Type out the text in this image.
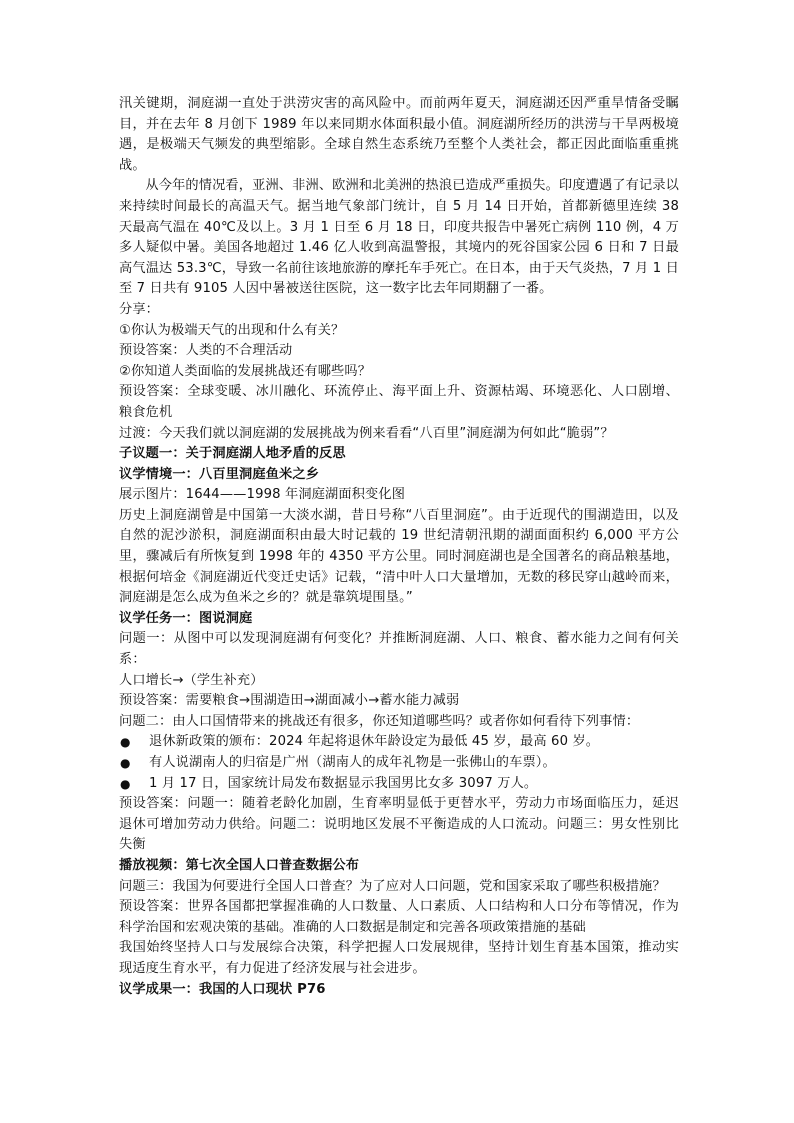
汛关键期，洞庭湖一直处于洪涝灾害的高风险中。而前两年夏天，洞庭湖还因严重旱情备受瞩目，并在去年 8 月创下 1989 年以来同期水体面积最小值。洞庭湖所经历的洪涝与干旱两极境遇，是极端天气频发的典型缩影。全球自然生态系统乃至整个人类社会，都正因此面临重重挑战。

从今年的情况看，亚洲、非洲、欧洲和北美洲的热浪已造成严重损失。印度遭遇了有记录以来持续时间最长的高温天气。据当地气象部门统计，自 5 月 14 日开始，首都新德里连续 38 天最高气温在 40℃及以上。3 月 1 日至 6 月 18 日，印度共报告中暑死亡病例 110 例，4 万多人疑似中暑。美国各地超过 1.46 亿人收到高温警报，其境内的死谷国家公园 6 日和 7 日最高气温达 53.3℃，导致一名前往该地旅游的摩托车手死亡。在日本，由于天气炎热，7 月 1 日至 7 日共有 9105 人因中暑被送往医院，这一数字比去年同期翻了一番。

分享：

①你认为极端天气的出现和什么有关？

预设答案：人类的不合理活动

②你知道人类面临的发展挑战还有哪些吗？

预设答案：全球变暖、冰川融化、环流停止、海平面上升、资源枯竭、环境恶化、人口剧增、粮食危机

过渡：今天我们就以洞庭湖的发展挑战为例来看看“八百里”洞庭湖为何如此“脆弱”？

子议题一：关于洞庭湖人地矛盾的反思

议学情境一：八百里洞庭鱼米之乡

展示图片：1644——1998 年洞庭湖面积变化图

历史上洞庭湖曾是中国第一大淡水湖，昔日号称“八百里洞庭”。由于近现代的围湖造田，以及自然的泥沙淤积，洞庭湖面积由最大时记载的 19 世纪清朝汛期的湖面面积约 6,000 平方公里，骤减后有所恢复到 1998 年的 4350 平方公里。同时洞庭湖也是全国著名的商品粮基地，根据何培金《洞庭湖近代变迁史话》记载，“清中叶人口大量增加，无数的移民穿山越岭而来，洞庭湖是怎么成为鱼米之乡的？就是靠筑堤围垦。”

议学任务一：图说洞庭

问题一：从图中可以发现洞庭湖有何变化？并推断洞庭湖、人口、粮食、蓄水能力之间有何关系：

人口增长→（学生补充）

预设答案：需要粮食→围湖造田→湖面减小→蓄水能力减弱

问题二：由人口国情带来的挑战还有很多，你还知道哪些吗？或者你如何看待下列事情：

● 退休新政策的颁布：2024 年起将退休年龄设定为最低 45 岁，最高 60 岁。

● 有人说湖南人的归宿是广州（湖南人的成年礼物是一张佛山的车票）。

● 1 月 17 日，国家统计局发布数据显示我国男比女多 3097 万人。

预设答案：问题一：随着老龄化加剧，生育率明显低于更替水平，劳动力市场面临压力，延迟退休可增加劳动力供给。问题二：说明地区发展不平衡造成的人口流动。问题三：男女性别比失衡

播放视频：第七次全国人口普查数据公布

问题三：我国为何要进行全国人口普查？为了应对人口问题，党和国家采取了哪些积极措施？

预设答案：世界各国都把掌握准确的人口数量、人口素质、人口结构和人口分布等情况，作为科学治国和宏观决策的基础。准确的人口数据是制定和完善各项政策措施的基础

我国始终坚持人口与发展综合决策，科学把握人口发展规律，坚持计划生育基本国策，推动实现适度生育水平，有力促进了经济发展与社会进步。

议学成果一：我国的人口现状 P76
